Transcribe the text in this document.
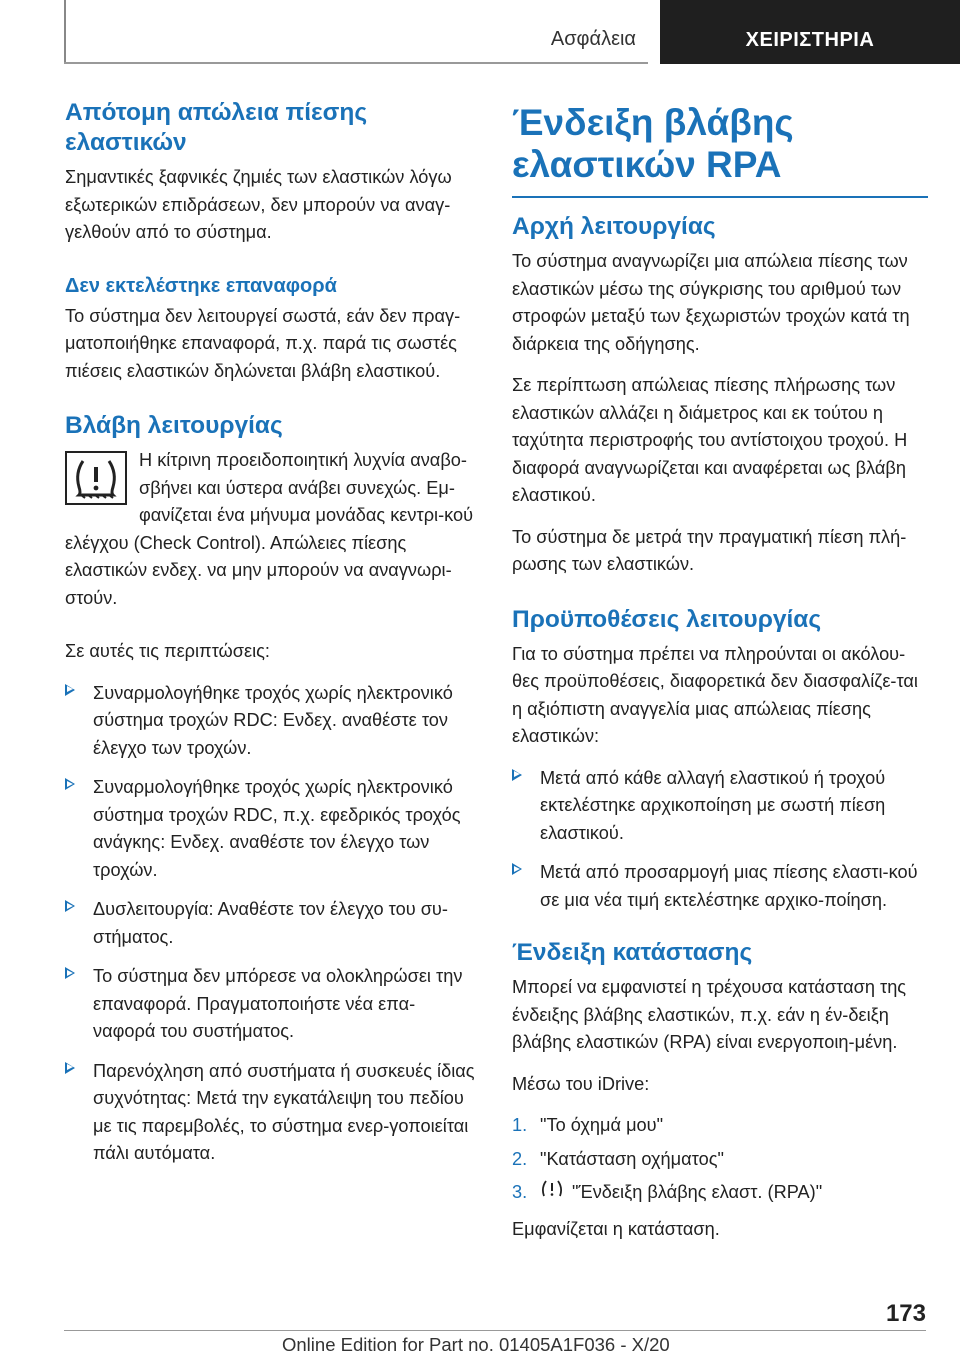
Ασφάλεια	ΧΕΙΡΙΣΤΗΡΙΑ
Απότομη απώλεια πίεσης ελαστικών

Σημαντικές ξαφνικές ζημιές των ελαστικών λόγω εξωτερικών επιδράσεων, δεν μπορούν να αναγ-γελθούν από το σύστημα.

Δεν εκτελέστηκε επαναφορά

Το σύστημα δεν λειτουργεί σωστά, εάν δεν πραγ-ματοποιήθηκε επαναφορά, π.χ. παρά τις σωστές πιέσεις ελαστικών δηλώνεται βλάβη ελαστικού.

Βλάβη λειτουργίας

Η κίτρινη προειδοποιητική λυχνία αναβο-σβήνει και ύστερα ανάβει συνεχώς. Εμ-φανίζεται ένα μήνυμα μονάδας κεντρι-κού ελέγχου (Check Control). Απώλειες πίεσης ελαστικών ενδεχ. να μην μπορούν να αναγνωρι-στούν.

Σε αυτές τις περιπτώσεις:

Συναρμολογήθηκε τροχός χωρίς ηλεκτρονικό σύστημα τροχών RDC: Ενδεχ. αναθέστε τον έλεγχο των τροχών.
Συναρμολογήθηκε τροχός χωρίς ηλεκτρονικό σύστημα τροχών RDC, π.χ. εφεδρικός τροχός ανάγκης: Ενδεχ. αναθέστε τον έλεγχο των τροχών.
Δυσλειτουργία: Αναθέστε τον έλεγχο του συ-στήματος.
Το σύστημα δεν μπόρεσε να ολοκληρώσει την επαναφορά. Πραγματοποιήστε νέα επα-ναφορά του συστήματος.
Παρενόχληση από συστήματα ή συσκευές ίδιας συχνότητας: Μετά την εγκατάλειψη του πεδίου με τις παρεμβολές, το σύστημα ενερ-γοποιείται πάλι αυτόματα.
Ένδειξη βλάβης ελαστικών RPA
Αρχή λειτουργίας

Το σύστημα αναγνωρίζει μια απώλεια πίεσης των ελαστικών μέσω της σύγκρισης του αριθμού των στροφών μεταξύ των ξεχωριστών τροχών κατά τη διάρκεια της οδήγησης.

Σε περίπτωση απώλειας πίεσης πλήρωσης των ελαστικών αλλάζει η διάμετρος και εκ τούτου η ταχύτητα περιστροφής του αντίστοιχου τροχού. Η διαφορά αναγνωρίζεται και αναφέρεται ως βλάβη ελαστικού.

Το σύστημα δε μετρά την πραγματική πίεση πλή-ρωσης των ελαστικών.

Προϋποθέσεις λειτουργίας

Για το σύστημα πρέπει να πληρούνται οι ακόλου-θες προϋποθέσεις, διαφορετικά δεν διασφαλίζε-ται η αξιόπιστη αναγγελία μιας απώλειας πίεσης ελαστικών:

Μετά από κάθε αλλαγή ελαστικού ή τροχού εκτελέστηκε αρχικοποίηση με σωστή πίεση ελαστικού.
Μετά από προσαρμογή μιας πίεσης ελαστι-κού σε μια νέα τιμή εκτελέστηκε αρχικο-ποίηση.
Ένδειξη κατάστασης

Μπορεί να εμφανιστεί η τρέχουσα κατάσταση της ένδειξης βλάβης ελαστικών, π.χ. εάν η έν-δειξη βλάβης ελαστικών (RPA) είναι ενεργοποιη-μένη.

Μέσω του iDrive:

1. "Το όχημά μου"
2. "Κατάσταση οχήματος"
3. "Ένδειξη βλάβης ελαστ. (RPA)"

Εμφανίζεται η κατάσταση.

173
Online Edition for Part no. 01405A1F036 - X/20
